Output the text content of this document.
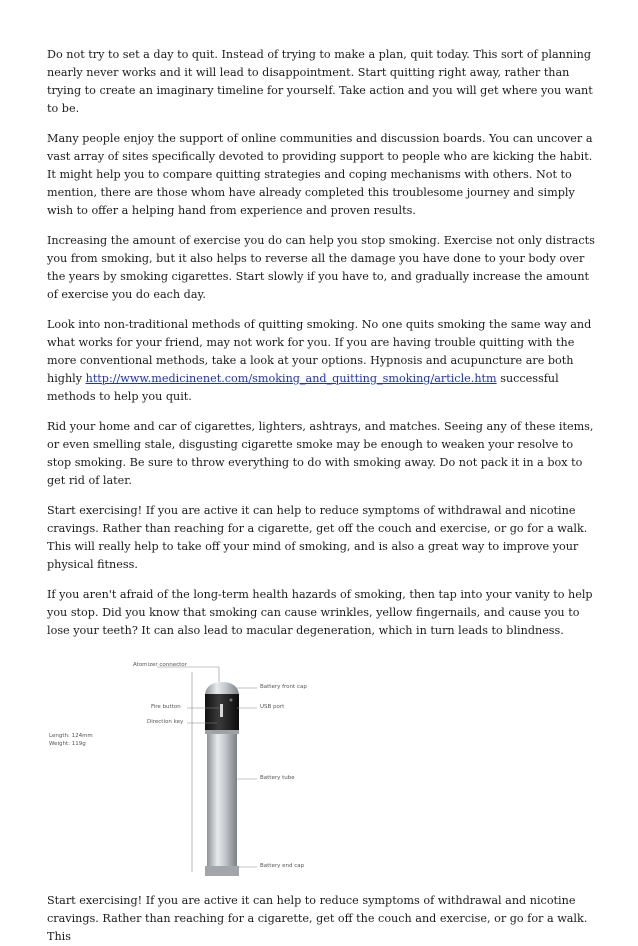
Do not try to set a day to quit. Instead of trying to make a plan, quit today. This sort of planning nearly never works and it will lead to disappointment. Start quitting right away, rather than trying to create an imaginary timeline for yourself. Take action and you will get where you want to be.

Many people enjoy the support of online communities and discussion boards. You can uncover a vast array of sites specifically devoted to providing support to people who are kicking the habit. It might help you to compare quitting strategies and coping mechanisms with others. Not to mention, there are those whom have already completed this troublesome journey and simply wish to offer a helping hand from experience and proven results.

Increasing the amount of exercise you do can help you stop smoking. Exercise not only distracts you from smoking, but it also helps to reverse all the damage you have done to your body over the years by smoking cigarettes. Start slowly if you have to, and gradually increase the amount of exercise you do each day.

Look into non-traditional methods of quitting smoking. No one quits smoking the same way and what works for your friend, may not work for you. If you are having trouble quitting with the more conventional methods, take a look at your options. Hypnosis and acupuncture are both highly http://www.medicinenet.com/smoking_and_quitting_smoking/article.htm successful methods to help you quit.

Rid your home and car of cigarettes, lighters, ashtrays, and matches. Seeing any of these items, or even smelling stale, disgusting cigarette smoke may be enough to weaken your resolve to stop smoking. Be sure to throw everything to do with smoking away. Do not pack it in a box to get rid of later.

Start exercising! If you are active it can help to reduce symptoms of withdrawal and nicotine cravings. Rather than reaching for a cigarette, get off the couch and exercise, or go for a walk. This will really help to take off your mind of smoking, and is also a great way to improve your physical fitness.

If you aren't afraid of the long-term health hazards of smoking, then tap into your vanity to help you stop. Did you know that smoking can cause wrinkles, yellow fingernails, and cause you to lose your teeth? It can also lead to macular degeneration, which in turn leads to blindness.

Atomizer connector
Battery front cap
Fire button	USB port
Direction key
Length: 124mm
Weight: 119g
Battery tube
Battery end cap

Start exercising! If you are active it can help to reduce symptoms of withdrawal and nicotine cravings. Rather than reaching for a cigarette, get off the couch and exercise, or go for a walk. This
